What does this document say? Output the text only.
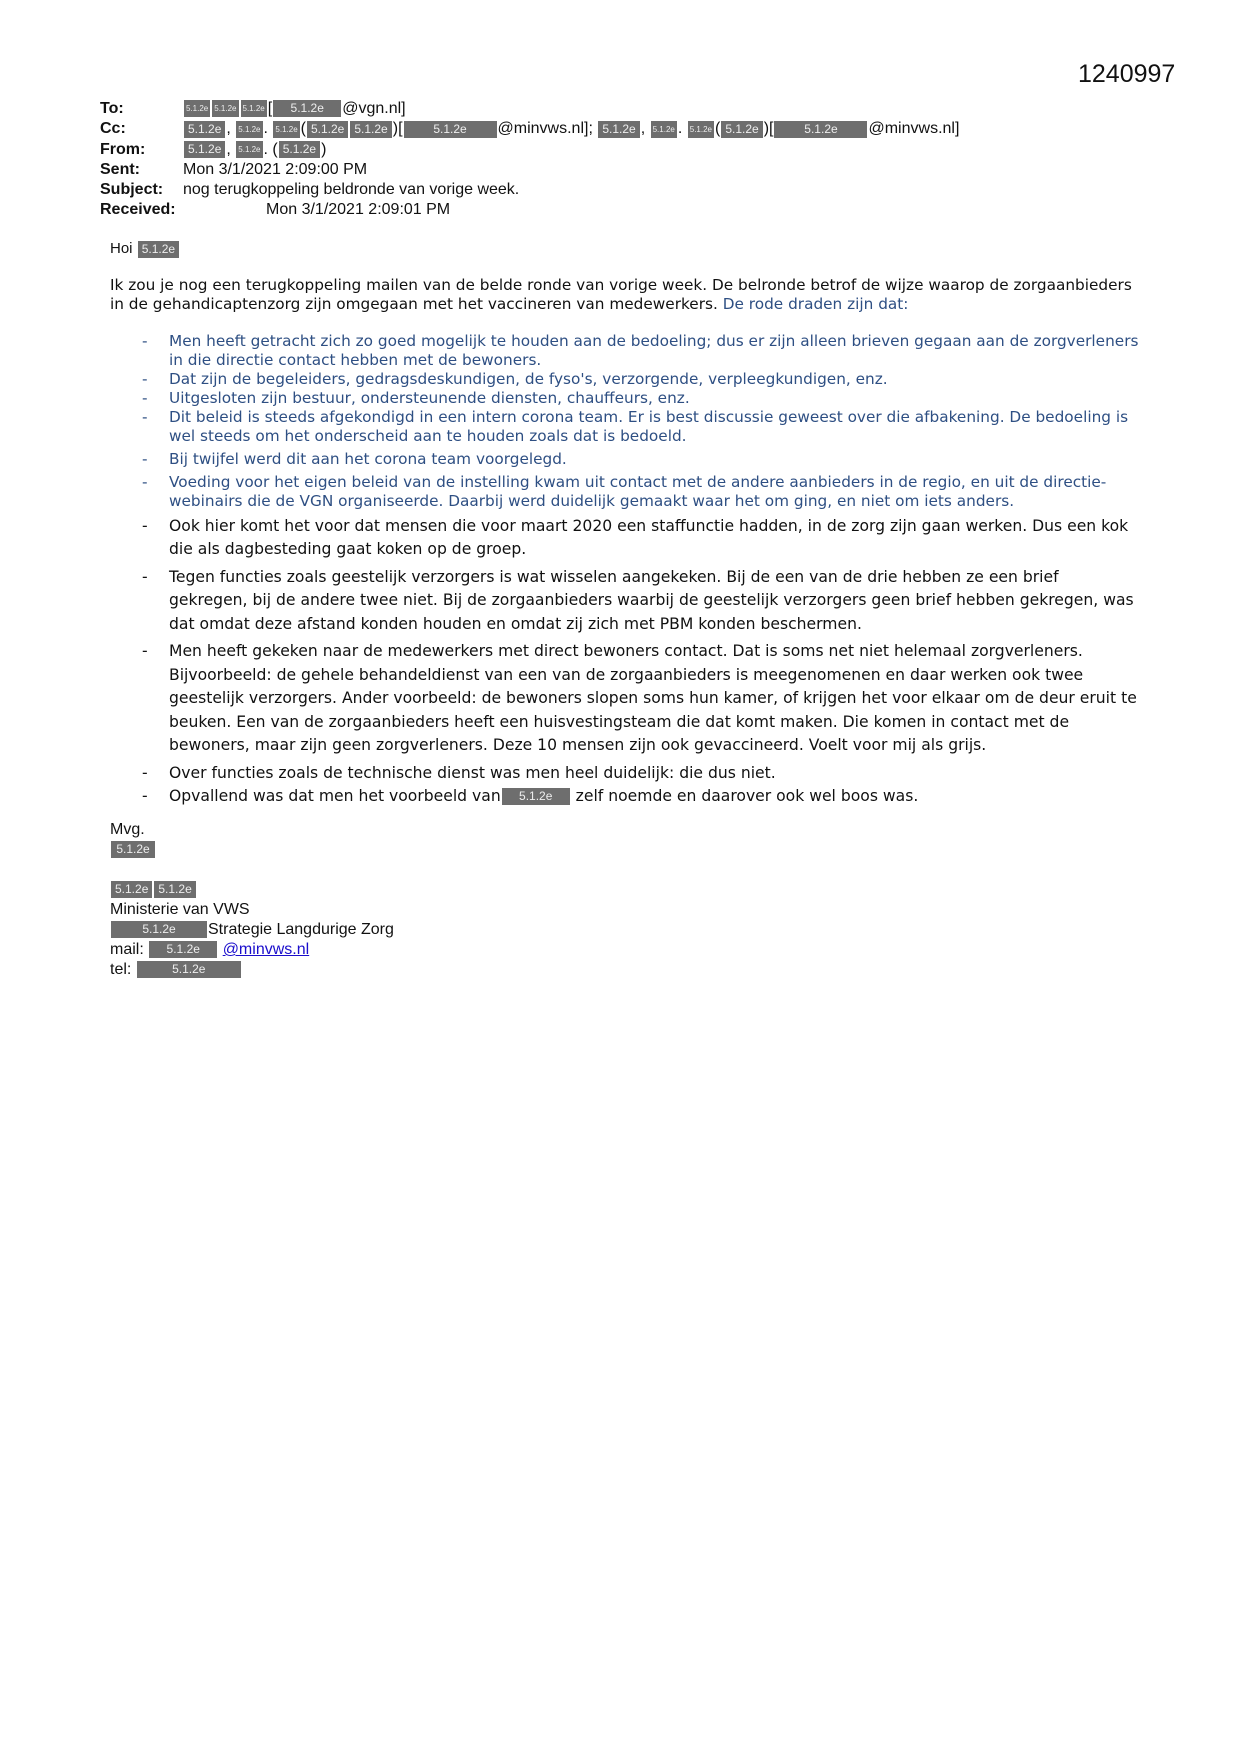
1240997
To:	5.1.2e 5.1.2e 5.1.2e [ 5.1.2e @vgn.nl]
Cc:	5.1.2e , 5.1.2e . 5.1.2e ( 5.1.2e 5.1.2e )[	5.1.2e @minvws.nl]; 5.1.2e , 5.1.2e . 5.1.2e ( 5.1.2e )[	5.1.2e @minvws.nl]
From:	5.1.2e , 5.1.2e . ( 5.1.2e )
Sent:	Mon 3/1/2021 2:09:00 PM
Subject:	nog terugkoppeling beldronde van vorige week.
Received:	Mon 3/1/2021 2:09:01 PM
Hoi 5.1.2e
Ik zou je nog een terugkoppeling mailen van de belde ronde van vorige week. De belronde betrof de wijze waarop de zorgaanbieders in de gehandicaptenzorg zijn omgegaan met het vaccineren van medewerkers. De rode draden zijn dat:
- Men heeft getracht zich zo goed mogelijk te houden aan de bedoeling; dus er zijn alleen brieven gegaan aan de zorgverleners in die directie contact hebben met de bewoners.
- Dat zijn de begeleiders, gedragsdeskundigen, de fyso's, verzorgende, verpleegkundigen, enz.
- Uitgesloten zijn bestuur, ondersteunende diensten, chauffeurs, enz.
- Dit beleid is steeds afgekondigd in een intern corona team. Er is best discussie geweest over die afbakening. De bedoeling is wel steeds om het onderscheid aan te houden zoals dat is bedoeld.
- Bij twijfel werd dit aan het corona team voorgelegd.
- Voeding voor het eigen beleid van de instelling kwam uit contact met de andere aanbieders in de regio, en uit de directie-webinairs die de VGN organiseerde. Daarbij werd duidelijk gemaakt waar het om ging, en niet om iets anders.
- Ook hier komt het voor dat mensen die voor maart 2020 een staffunctie hadden, in de zorg zijn gaan werken. Dus een kok die als dagbesteding gaat koken op de groep.
- Tegen functies zoals geestelijk verzorgers is wat wisselen aangekeken. Bij de een van de drie hebben ze een brief gekregen, bij de andere twee niet. Bij de zorgaanbieders waarbij de geestelijk verzorgers geen brief hebben gekregen, was dat omdat deze afstand konden houden en omdat zij zich met PBM konden beschermen.
- Men heeft gekeken naar de medewerkers met direct bewoners contact. Dat is soms net niet helemaal zorgverleners. Bijvoorbeeld: de gehele behandeldienst van een van de zorgaanbieders is meegenomenen en daar werken ook twee geestelijk verzorgers. Ander voorbeeld: de bewoners slopen soms hun kamer, of krijgen het voor elkaar om de deur eruit te beuken. Een van de zorgaanbieders heeft een huisvestingsteam die dat komt maken. Die komen in contact met de bewoners, maar zijn geen zorgverleners. Deze 10 mensen zijn ook gevaccineerd. Voelt voor mij als grijs.
- Over functies zoals de technische dienst was men heel duidelijk: die dus niet.
- Opvallend was dat men het voorbeeld van 5.1.2e zelf noemde en daarover ook wel boos was.
Mvg.
5.1.2e
5.1.2e 5.1.2e
Ministerie van VWS
5.1.2e Strategie Langdurige Zorg
mail: 5.1.2e @minvws.nl
tel:	5.1.2e
